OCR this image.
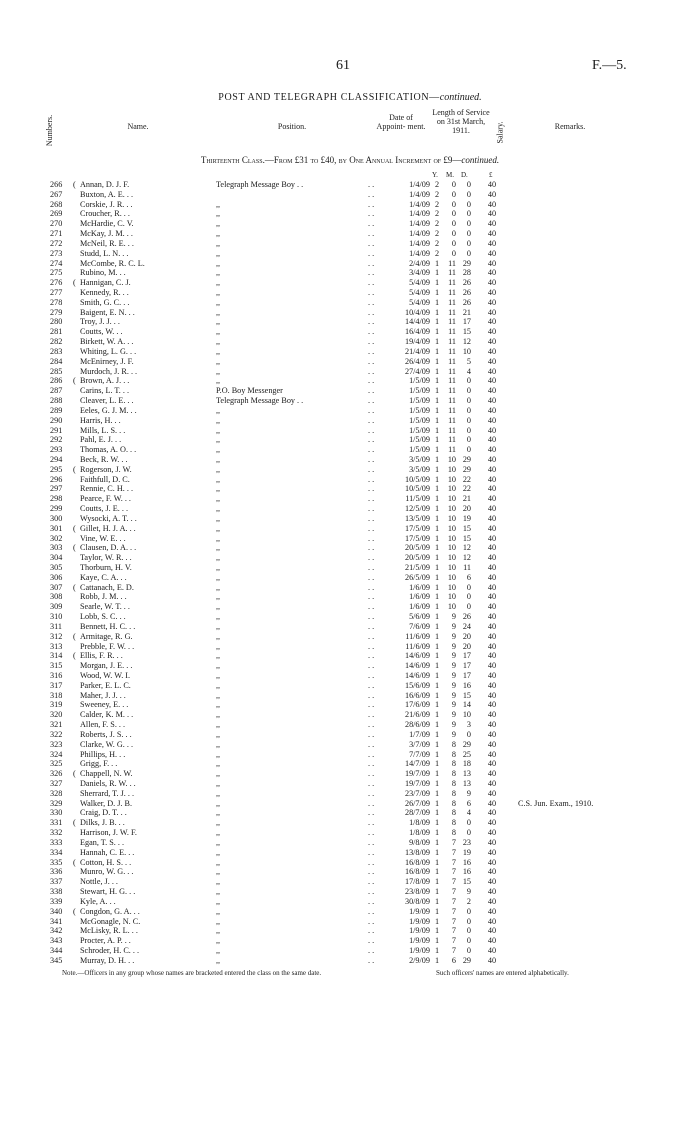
61	F.—5.
POST AND TELEGRAPH CLASSIFICATION—continued.
Numbers.	Name.	Position.
Date of Appoint- ment.
Length of Service on 31st March, 1911.	Salary.	Remarks.
Thirteenth Class.—From £31 to £40, by One Annual Increment of £9—continued.
Y. M. D.	£
266	( Annan, D. J. F.	Telegraph Message Boy . .	. .	1/4/09 2	0	0	40
267	Buxton, A. E. . .	. .	1/4/09 2	0	0	40
268	Corskie, J. R. . .	,,	. .	1/4/09 2	0	0	40
269	Croucher, R. . .	,,	. .	1/4/09 2	0	0	40
270	McHardie, C. V.	,,	. .	1/4/09 2	0	0	40
271	McKay, J. M. . .	,,	. .	1/4/09 2	0	0	40
272	McNeil, R. E. . .	,,	. .	1/4/09 2	0	0	40
273	Studd, L. N. . .	,,	. .	1/4/09 2	0	0	40
274	McCombe, R. C. L.	,,	. .	2/4/09 1	11 29	40
275	Rubino, M. . .	,,	. .	3/4/09 1	11 28	40
276	( Hannigan, C. J.	,,	. .	5/4/09 1	11 26	40
277	Kennedy, R. . .	,,	. .	5/4/09 1	11 26	40
278	Smith, G. C. . .	,,	. .	5/4/09 1	11 26	40
279	Baigent, E. N. . .	,,	. .	10/4/09 1	11 21	40
280	Troy, J. J. . .	,,	. .	14/4/09 1	11 17	40
281	Coutts, W. . .	,,	. .	16/4/09 1	11 15	40
282	Birkett, W. A. . .	,,	. .	19/4/09 1	11 12	40
283	Whiting, L. G. . .	,,	. .	21/4/09 1	11 10	40
284	McEnirney, J. F.	,,	. .	26/4/09 1	11	5	40
285	Murdoch, J. R. . .	,,	. .	27/4/09 1	11	4	40
286	( Brown, A. J. . .	,,	. .	1/5/09 1	11	0	40
287	Carins, L. T. . .	P.O. Boy Messenger	. .	1/5/09 1	11	0	40
288	Cleaver, L. E. . .	Telegraph Message Boy . .	. .	1/5/09 1	11	0	40
289	Eeles, G. J. M. . .	,,	. .	1/5/09 1	11	0	40
290	Harris, H. . .	,,	. .	1/5/09 1	11	0	40
291	Mills, L. S. . .	,,	. .	1/5/09 1	11	0	40
292	Pahl, E. J. . .	,,	. .	1/5/09 1	11	0	40
293	Thomas, A. O. . .	,,	. .	1/5/09 1	11	0	40
294	Beck, R. W. . .	,,	. .	3/5/09 1	10 29	40
295	( Rogerson, J. W.	,,	. .	3/5/09 1	10 29	40
296	Faithfull, D. C.	,,	. .	10/5/09 1	10 22	40
297	Rennie, C. H. . .	,,	. .	10/5/09 1	10 22	40
298	Pearce, F. W. . .	,,	. .	11/5/09 1	10 21	40
299	Coutts, J. E. . .	,,	. .	12/5/09 1	10 20	40
300	Wysocki, A. T. . .	,,	. .	13/5/09 1	10 19	40
301	( Gillet, H. J. A. . .	,,	. .	17/5/09 1	10 15	40
302	Vine, W. E. . .	,,	. .	17/5/09 1	10 15	40
303	( Clausen, D. A. . .	,,	. .	20/5/09 1	10 12	40
304	Taylor, W. R. . .	,,	. .	20/5/09 1	10 12	40
305	Thorburn, H. V.	,,	. .	21/5/09 1	10 11	40
306	Kaye, C. A. . .	,,	. .	26/5/09 1	10	6	40
307	( Cattanach, E. D.	,,	. .	1/6/09 1	10	0	40
308	Robb, J. M. . .	,,	. .	1/6/09 1	10	0	40
309	Searle, W. T. . .	,,	. .	1/6/09 1	10	0	40
310	Lobb, S. C. . .	,,	. .	5/6/09 1	9 26	40
311	Bennett, H. C. . .	,,	. .	7/6/09 1	9 24	40
312	( Armitage, R. G.	,,	. .	11/6/09 1	9 20	40
313	Prebble, F. W. . .	,,	. .	11/6/09 1	9 20	40
314	( Ellis, F. R. . .	,,	. .	14/6/09 1	9 17	40
315	Morgan, J. E. . .	,,	. .	14/6/09 1	9 17	40
316	Wood, W. W. I.	,,	. .	14/6/09 1	9 17	40
317	Parker, E. L. C.	,,	. .	15/6/09 1	9 16	40
318	Maher, J. J. . .	,,	. .	16/6/09 1	9 15	40
319	Sweeney, E. . .	,,	. .	17/6/09 1	9 14	40
320	Calder, K. M. . .	,,	. .	21/6/09 1	9 10	40
321	Allen, F. S. . .	,,	. .	28/6/09 1	9	3	40
322	Roberts, J. S. . .	,,	. .	1/7/09 1	9	0	40
323	Clarke, W. G. . .	,,	. .	3/7/09 1	8 29	40
324	Phillips, H. . .	,,	. .	7/7/09 1	8 25	40
325	Grigg, F. . .	,,	. .	14/7/09 1	8 18	40
326	( Chappell, N. W.	,,	. .	19/7/09 1	8 13	40
327	Daniels, R. W. . .	,,	. .	19/7/09 1	8 13	40
328	Sherrard, T. J. . .	,,	. .	23/7/09 1	8	9	40
329	Walker, D. J. B.	,,	. .	26/7/09 1	8	6	40	C.S. Jun. Exam., 1910.
330	Craig, D. T. . .	,,	. .	28/7/09 1	8	4	40
331	( Dilks, J. B. . .	,,	. .	1/8/09 1	8	0	40
332	Harrison, J. W. F.	,,	. .	1/8/09 1	8	0	40
333	Egan, T. S. . .	,,	. .	9/8/09 1	7 23	40
334	Hannah, C. E. . .	,,	. .	13/8/09 1	7 19	40
335	( Cotton, H. S. . .	,,	. .	16/8/09 1	7 16	40
336	Munro, W. G. . .	,,	. .	16/8/09 1	7 16	40
337	Nottle, J. . .	,,	. .	17/8/09 1	7 15	40
338	Stewart, H. G. . .	,,	. .	23/8/09 1	7	9	40
339	Kyle, A. . .	,,	. .	30/8/09 1	7	2	40
340	( Congdon, G. A. . .	,,	. .	1/9/09 1	7	0	40
341	McGonagle, N. C.	,,	. .	1/9/09 1	7	0	40
342	McLisky, R. L. . .	,,	. .	1/9/09 1	7	0	40
343	Procter, A. P. . .	,,	. .	1/9/09 1	7	0	40
344	Schroder, H. C. . .	,,	. .	1/9/09 1	7	0	40
345	Murray, D. H. . .	,,	. .	2/9/09 1	6 29	40
Note.—Officers in any group whose names are bracketed entered the class on the same date.	Such officers' names are entered alphabetically.
